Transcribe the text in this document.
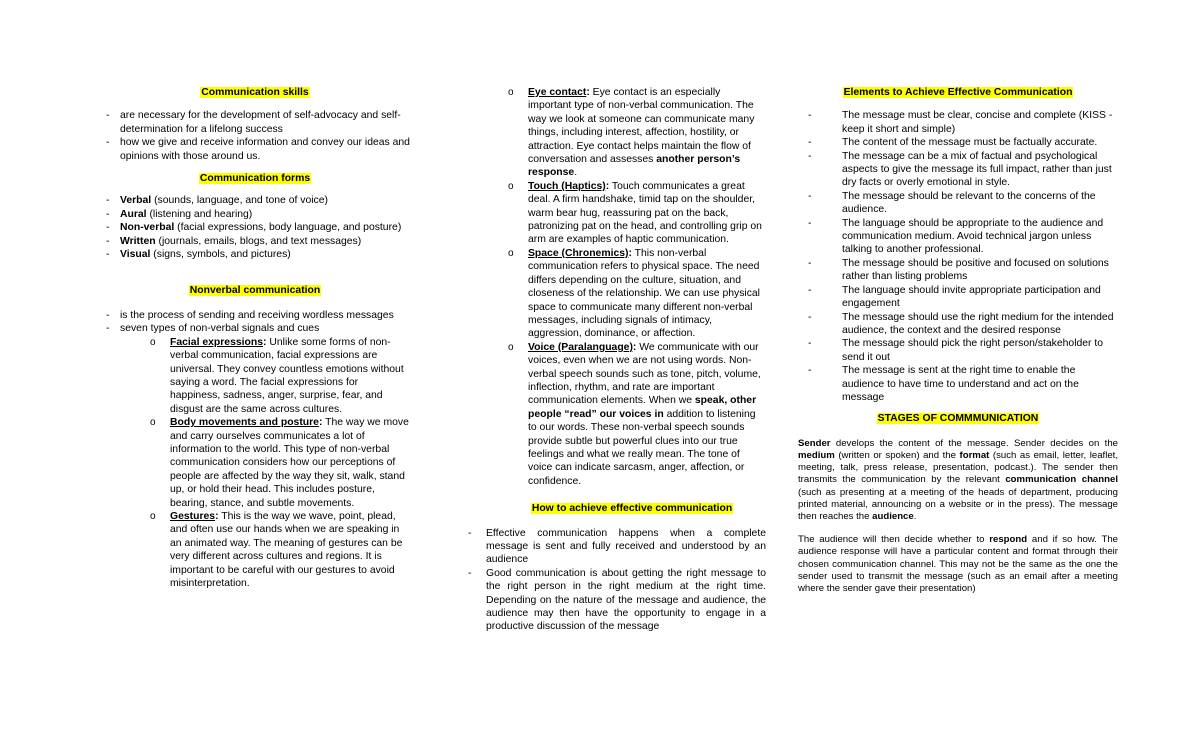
Communication skills

- are necessary for the development of self-advocacy and self-determination for a lifelong success
- how we give and receive information and convey our ideas and opinions with those around us.

Communication forms

- Verbal (sounds, language, and tone of voice)
- Aural (listening and hearing)
- Non-verbal (facial expressions, body language, and posture)
- Written (journals, emails, blogs, and text messages)
- Visual (signs, symbols, and pictures)

Nonverbal communication

- is the process of sending and receiving wordless messages
- seven types of non-verbal signals and cues
o Facial expressions: Unlike some forms of non-verbal communication, facial expressions are universal. They convey countless emotions without saying a word. The facial expressions for happiness, sadness, anger, surprise, fear, and disgust are the same across cultures.
o Body movements and posture: The way we move and carry ourselves communicates a lot of information to the world. This type of non-verbal communication considers how our perceptions of people are affected by the way they sit, walk, stand up, or hold their head. This includes posture, bearing, stance, and subtle movements.
o Gestures: This is the way we wave, point, plead, and often use our hands when we are speaking in an animated way. The meaning of gestures can be very different across cultures and regions. It is important to be careful with our gestures to avoid misinterpretation.
o Eye contact: Eye contact is an especially important type of non-verbal communication. The way we look at someone can communicate many things, including interest, affection, hostility, or attraction. Eye contact helps maintain the flow of conversation and assesses another person’s response.
o Touch (Haptics): Touch communicates a great deal. A firm handshake, timid tap on the shoulder, warm bear hug, reassuring pat on the back, patronizing pat on the head, and controlling grip on arm are examples of haptic communication.
o Space (Chronemics): This non-verbal communication refers to physical space. The need differs depending on the culture, situation, and closeness of the relationship. We can use physical space to communicate many different non-verbal messages, including signals of intimacy, aggression, dominance, or affection.
o Voice (Paralanguage): We communicate with our voices, even when we are not using words. Non-verbal speech sounds such as tone, pitch, volume, inflection, rhythm, and rate are important communication elements. When we speak, other people “read” our voices in addition to listening to our words. These non-verbal speech sounds provide subtle but powerful clues into our true feelings and what we really mean. The tone of voice can indicate sarcasm, anger, affection, or confidence.

How to achieve effective communication

- Effective communication happens when a complete message is sent and fully received and understood by an audience
- Good communication is about getting the right message to the right person in the right medium at the right time. Depending on the nature of the message and audience, the audience may then have the opportunity to engage in a productive discussion of the message

Elements to Achieve Effective Communication

- The message must be clear, concise and complete (KISS - keep it short and simple)
- The content of the message must be factually accurate.
- The message can be a mix of factual and psychological aspects to give the message its full impact, rather than just dry facts or overly emotional in style.
- The message should be relevant to the concerns of the audience.
- The language should be appropriate to the audience and communication medium. Avoid technical jargon unless talking to another professional.
- The message should be positive and focused on solutions rather than listing problems
- The language should invite appropriate participation and engagement
- The message should use the right medium for the intended audience, the context and the desired response
- The message should pick the right person/stakeholder to send it out
- The message is sent at the right time to enable the audience to have time to understand and act on the message

STAGES OF COMMMUNICATION

Sender develops the content of the message. Sender decides on the medium (written or spoken) and the format (such as email, letter, leaflet, meeting, talk, press release, presentation, podcast.). The sender then transmits the communication by the relevant communication channel (such as presenting at a meeting of the heads of department, producing printed material, announcing on a website or in the press). The message then reaches the audience.

The audience will then decide whether to respond and if so how. The audience response will have a particular content and format through their chosen communication channel. This may not be the same as the one the sender used to transmit the message (such as an email after a meeting where the sender gave their presentation)
